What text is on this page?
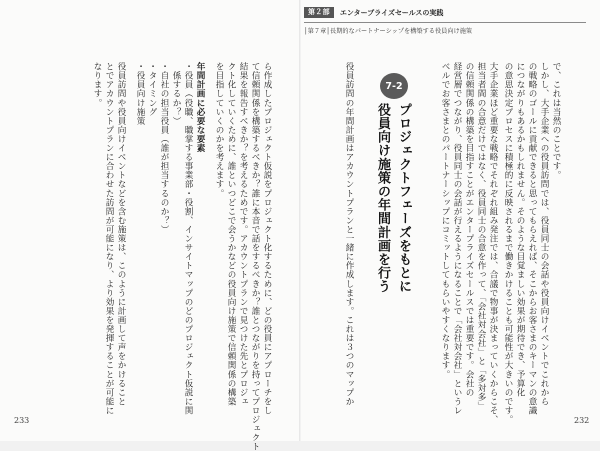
第２部	エンタープライズセールスの実践
│第７章│長期的なパートナーシップを構築する役員向け施策
で、これは当然のことです。
しかし、大手企業への役員訪問では、役員同士の会話や役員向けイベントでこれから
の戦略のゴールに貢献できると思ってもらえれば、そこからお客さまのキーマンの意識
につながりもあるかもしれません。そのような目覚ましい効果が期待でき、予算化
の意思決定プロセスに積極的に反映されるまで働きかけることも可能性が大きいのです。
大手企業ほど重要な戦略でそれぞれ組み発注では、合議で物事が決まっていくからこそ、
担当者間の合意だけではなく、役員同士の合意を作って、「会社対会社」と「多対多」
の信頼関係の構築を目指すことがエンタープライズセールスでは重要です。会社の
経営層でつながり、役員同士の会話が行えるようになることで「会社対会社」というレ
ベルでお客さまとのパートナーシップにコミットしてもらいやすくなります。
7-2
プロジェクトフェーズをもとに
役員向け施策の年間計画を行う
役員訪問の年間計画はアカウントプランと一緒に作成します。これは３つのマップか
232
ら作成したプロジェクト仮説をプロジェクト化するために、どの役員にアプローチをし
て信頼関係を構築するべきか？誰に本音で話をするべきか？誰とつながりを持ってプロジェクト
結果を報告すべきか？を考えるためです。アカウントプランで見つけた先とプロジェ
クト化していくために、誰といつどこで会うかなどの役員向け施策で信頼関係の構築
を目指していくのかを考えます。
年間計画に必要な要素
・役員（役職、職掌する事業部・役割、インサイトマップのどのプロジェクト仮説に関
　係するか？）
・自社の担当役員（誰が担当するのか？）
・タイミング
・役員向け施策
役員訪問や役員向けイベントなどを含む施策は、このように計画して声をかけること
とでアカウントプランに合わせた訪問が可能になり、より効果を発揮することが可能に
なります。
233
